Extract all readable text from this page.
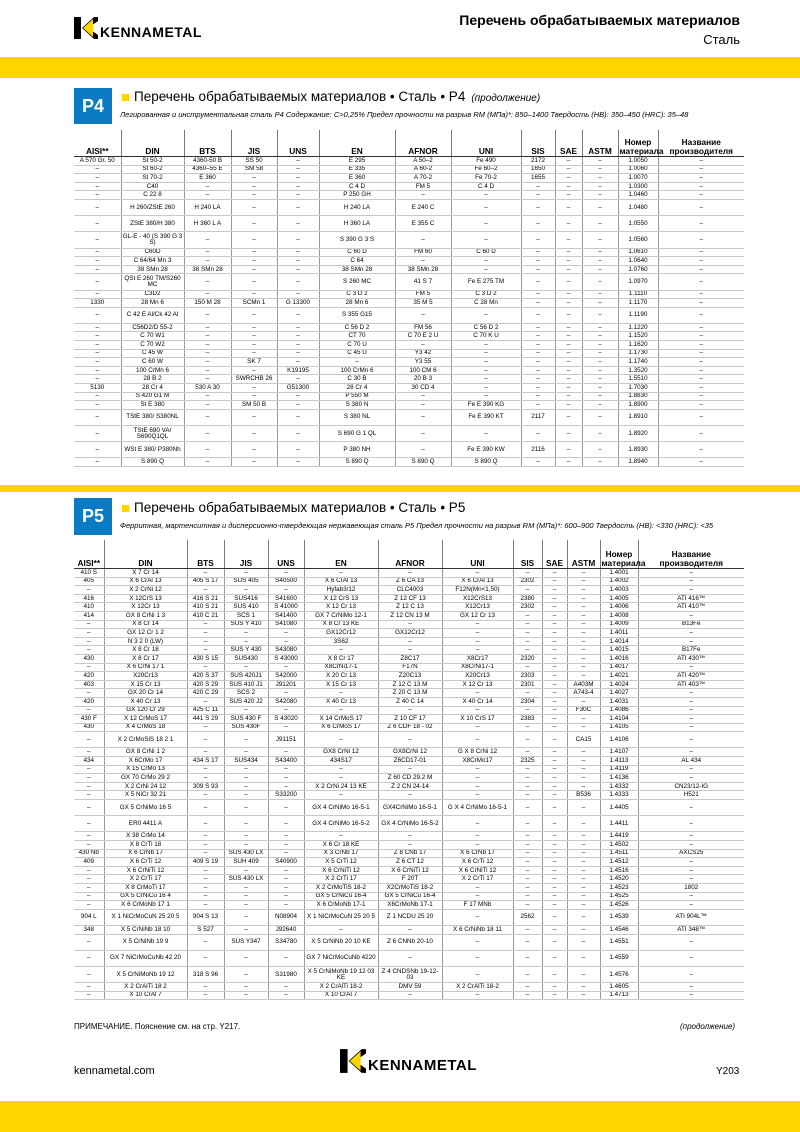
KENNAMETAL
Перечень обрабатываемых материалов
Сталь
P4	Перечень обрабатываемых материалов • Сталь • P4 (продолжение)
Легированная и инструментальная сталь P4 Содержание: C>0,25% Предел прочности на разрыв RM (МПа)*: 850–1400 Твердость (HB): 350–450 (HRC): 35–48
AISI**	DIN	BTS	JIS	UNS	EN	AFNOR	UNI	SIS	SAE	ASTM	Номер материала	Название производителя
A 570 Gr. 50	St 50-2	4360-50 B	SS 50	–	E 295	A 50–2	Fe 490	2172	–	–	1.0050	–
–	St 60-2	4360–55 E	SM 58	–	E 335	A 60-2	Fe 60–2	1650	–	–	1.0060	–
–	St 70-2	E 360	–	–	E 360	A 70-2	Fe 70-2	1655	–	–	1.0070	–
–	C40	–	–	–	C 4 D	FM 5	C 4 D	–	–	–	1.0300	–
–	C 22 8	–	–	–	P 250 GH	–	–	–	–	–	1.0460	–
–	H 260/ZStE 260	H 240 LA	–	–	H 240 LA	E 240 C	–	–	–	–	1.0480	–
–	ZStE 380/H 380	H 360 L A	–	–	H 360 LA	E 355 C	–	–	–	–	1.0550	–
–	GL-E - 40 (S 390 G 3 S)	–	–	–	S 390 G 3 S	–	–	–	–	–	1.0560	–
–	C60D	–	–	–	C 60 D	FM 60	C 60 D	–	–	–	1.0610	–
–	C 64/64 Mn 3	–	–	–	C 64	–	–	–	–	–	1.0640	–
–	38 SMn 28	38 SMn 28	–	–	38 SMn 28	38 SMn 28	–	–	–	–	1.0760	–
–	QSt E 260 TM/S260 MC	–	–	–	S 260 MC	41 S 7	Fe E 275 TM	–	–	–	1.0970	–
–	C3D2	–	–	–	C 3 D 2	FM 5	C 3 D 2	–	–	–	1.1110	–
1330	28 Mn 6	150 M 28	SCMn 1	G 13300	28 Mn 6	35 M 5	C 28 Mn	–	–	–	1.1170	–
–	C 42 E Al/Ck 42 Al	–	–	–	S 355 G15	–	–	–	–	–	1.1190	–
–	C56D2/D 55-2	–	–	–	C 56 D 2	FM 56	C 56 D 2	–	–	–	1.1220	–
–	C 70 W1	–	–	–	CT 70	C 70 E 2 U	C 70 K U	–	–	–	1.1520	–
–	C 70 W2	–	–	–	C 70 U	–	–	–	–	–	1.1620	–
–	C 45 W	–	–	–	C 45 U	Y3 42	–	–	–	–	1.1730	–
–	C 60 W	–	SK 7	–	–	Y3 55	–	–	–	–	1.1740	–
–	100 CrMn 6	–	–	K19195	100 CrMn 6	100 CM 6	–	–	–	–	1.3520	–
–	28 B 2	–	SWRCHB 26	–	C 30 B	20 B 3	–	–	–	–	1.5510	–
5130	28 Cr 4	530 A 30	–	G51300	28 Cr 4	30 CD 4	–	–	–	–	1.7030	–
–	S 420 G1 M	–	–	–	P 550 M	–	–	–	–	–	1.8830	–
–	St E 380	–	SM 50 B	–	S 380 N	–	Fe E 390 KG	–	–	–	1.8900	–
–	TStE 380/ S380NL	–	–	–	S 380 NL	–	Fe E 390 KT	2117	–	–	1.8910	–
–	TStE 690 VA/ S690Q1QL	–	–	–	S 690 G 1 QL	–	–	–	–	–	1.8920	–
–	WSt E 380/ P380Nh	–	–	–	P 380 NH	–	Fe E 390 KW	2116	–	–	1.8930	–
–	S 890 Q	–	–	–	S 890 Q	S 890 Q	S 890 Q	–	–	–	1.8940	–
P5	Перечень обрабатываемых материалов • Сталь • P5
Ферритная, мартенситная и дисперсионно-твердеющая нержавеющая сталь P5 Предел прочности на разрыв RM (МПа)*: 600–900 Твердость (HB): <330 (HRC): <35
AISI**	DIN	BTS	JIS	UNS	EN	AFNOR	UNI	SIS	SAE	ASTM	Номер материала	Название производителя
410 S	X 7 Cr 14	–	–	–	–	–	–	–	–	–	1.4001	–
405	X 6 CrAl 13	405 S 17	SUS 405	S40500	X 6 CrAl 13	Z 6 CA 13	X 6 CrAl 13	2302	–	–	1.4002	–
–	X 2 CrNi 12	–	–	–	Hyfab3/12	CLC4003	F12N(Mn<1,50)	–	–	–	1.4003	–
416	X 12CrS 13	416 S 21	SUS416	S41600	X 12 CrS 13	Z 12 CF 13	X12CrS13	2380	–	–	1.4005	ATI 416™
410	X 12Cr 13	410 S 21	SUS 410	S 41000	X 12 Cr 13	Z 12 C 13	X12Cr13	2302	–	–	1.4006	ATI 410™
414	GX 8 CrNi 1 3	410 C 21	SCS 1	S41400	GX 7 CrNiMo 12-1	Z 12 CN 13 M	GX 12 Cr 13	–	–	–	1.4008	–
–	X 8 Cr 14	–	SUS Y 410	S41080	X 8 Cr 13 KE	–	–	–	–	–	1.4009	B13Fe
–	GX 12 Cr 1 2	–	–	–	GX12Cr12	GX12Cr12	–	–	–	–	1.4011	–
–	N 3 2 0 (LW)	–	–	–	3S62	–	–	–	–	–	1.4014	–
–	X 8 Cr 18	–	SUS Y 430	S43080	–	–	–	–	–	–	1.4015	B17Fe
430	X 8 Cr 17	430 S 15	SUS430	S 43000	X 8 Cr 17	Z8C17	X8Cr17	2320	–	–	1.4016	ATI 430™
–	X 6 CrNi 17 1	–	–	–	X8CrNi17-1	F17N	X8CrNi17-1	–	–	–	1.4017	–
420	X20Cr13	420 S 37	SUS 420J1	S42000	X 20 Cr 13	Z20C13	X20Cr13	2303	–	–	1.4021	ATI 420™
403	X 15 Cr 13	420 S 29	SUS 410 J1	J91201	X 15 Cr 13	Z 12 C 13 M	X 12 Cr 13	2301	–	A403M	1.4024	ATI 403™
–	GX 20 Cr 14	420 C 29	SCS 2	–	–	Z 20 C 13 M	–	–	–	A743-4	1.4027	–
420	X 40 Cr 13	–	SUS 420 J2	S42080	X 40 Cr 13	Z 40 C 14	X 40 Cr 14	2304	–	–	1.4031	–
–	GX 120 Cr 29	425 C 11	–	–	–	–	–	–	–	F30C	1.4086	–
430 F	X 12 CrMoS 17	441 S 29	SUS 430 F	S 43020	X 14 CrMoS 17	Z 10 CF 17	X 10 CrS 17	2383	–	–	1.4104	–
430	X 4 CrMoS 18	–	SUS 430F	–	X 6 CrMoS 17	Z 6 CDF 18 - 02	–	–	–	–	1.4105	–
–	X 2 CrMoSiS 18 2 1	–	–	J91151	–	–	–	–	–	CA15	1.4106	–
–	GX 8 CrNi 1 2	–	–	–	GX8 CrNi 12	GX8CrNi 12	G X 8 CrNi 12	–	–	–	1.4107	–
434	X 6CrMo 17	434 S 17	SUS434	S43400	434S17	Z6CD17-01	X8CrMo17	2325	–	–	1.4113	AL 434
–	X 15 CrMo 13	–	–	–	–	–	–	–	–	–	1.4119	–
–	GX 70 CrMo 29 2	–	–	–	–	Z 60 CD 29.2 M	–	–	–	–	1.4136	–
–	X 2 CrNi 24 12	309 S 93	–	–	X 2 CrNi 24 13 KE	Z 2 CN 24-14	–	–	–	–	1.4332	CN23/12-IG
–	X 5 NiCr 32 21	–	–	S33200	–	–	–	–	–	B536	1.4333	H521
–	GX 5 CrNiMo 16 5	–	–	–	GX 4 CrNiMo 16-5-1	GX4CrNiMo 16-5-1	G X 4 CrNiMo 16-5-1	–	–	–	1.4405	–
–	ER0 4411 A	–	–	–	GX 4 CrNiMo 16-5-2	GX 4 CrNiMo 16-5-2	–	–	–	–	1.4411	–
–	X 38 CrMo 14	–	–	–	–	–	–	–	–	–	1.4419	–
–	X 8 CrTi 18	–	–	–	X 6 Cr 18 KE	–	–	–	–	–	1.4502	–
430 Nb	X 6 CrNb 17	–	SUS 430 LX	–	X 3 CrNb 17	Z 8 CNb 17	X 6 CrNb 17	–	–	–	1.4511	AXCS25
409	X 6 CrTi 12	409 S 19	SUH 409	S40900	X 5 CrTi 12	Z 6 CT 12	X 6 CrTi 12	–	–	–	1.4512	–
–	X 6 CrNiTi 12	–	–	–	X 6 CrNiTi 12	X 6 CrNiTi 12	X 6 CrNiTi 12	–	–	–	1.4516	–
–	X 2 CrTi 17	–	SUS 430 LX	–	X 2 CrTi 17	F 20T	X 2 CrTi 17	–	–	–	1.4520	–
–	X 8 CrMoTi 17	–	–	–	X 2 CrMoTiS 18-2	X2CrMoTiS 18-2	–	–	–	–	1.4523	1802
–	GX 5 CrNiCu 16 4	–	–	–	GX 5 CrNiCu 16-4	GX 5 CrNiCu 16-4	–	–	–	–	1.4525	–
–	X 6 CrMoNb 17 1	–	–	–	X 6 CrMoNb 17-1	X6CrMoNb 17-1	F 17 MNb	–	–	–	1.4526	–
904 L	X 1 NiCrMoCuN 25 20 5	904 S 13	–	N08904	X 1 NiCrMoCuN 25 20 5	Z 1 NCDU 25 20	–	2562	–	–	1.4539	ATI 904L™
348	X 5 CrNiNb 18 10	S 527	–	J92640	–	–	X 6 CrNiNb 18 11	–	–	–	1.4546	ATI 348™
–	X 5 CrNiNb 19 9	–	SUS Y347	S34780	X 5 CrNiNb 20 10 KE	Z 6 CNNb 20-10	–	–	–	–	1.4551	–
–	GX 7 NiCrMoCuNb 42 20	–	–	–	GX 7 NiCrMoCuNb 4220	–	–	–	–	–	1.4559	–
–	X 5 CrNiMoNb 19 12	318 S 96	–	S31980	X 5 CrNiMoNb 19 12 03 KE	Z 4 CNDSNb 19-12-03	–	–	–	–	1.4576	–
–	X 2 CrAlTi 18 2	–	–	–	X 2 CrAlTi 18-2	DMV 59	X 2 CrAlTi 18-2	–	–	–	1.4605	–
–	X 10 CrAl 7	–	–	–	X 10 CrAl 7	–	–	–	–	–	1.4713	–
ПРИМЕЧАНИЕ. Пояснение см. на стр. Y217.	(продолжение)
KENNAMETAL
kennametal.com	Y203
